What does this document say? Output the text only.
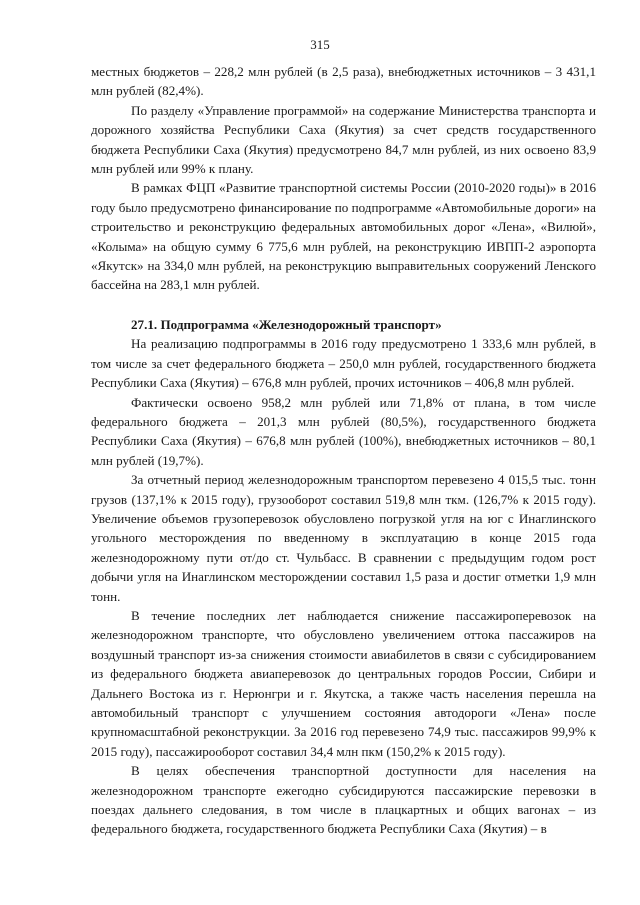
315

местных бюджетов – 228,2 млн рублей (в 2,5 раза), внебюджетных источников – 3 431,1 млн рублей (82,4%).

По разделу «Управление программой» на содержание Министерства транспорта и дорожного хозяйства Республики Саха (Якутия) за счет средств государственного бюджета Республики Саха (Якутия) предусмотрено 84,7 млн рублей, из них освоено 83,9 млн рублей или 99% к плану.

В рамках ФЦП «Развитие транспортной системы России (2010-2020 годы)» в 2016 году было предусмотрено финансирование по подпрограмме «Автомобильные дороги» на строительство и реконструкцию федеральных автомобильных дорог «Лена», «Вилюй», «Колыма» на общую сумму 6 775,6 млн рублей, на реконструкцию ИВПП-2 аэропорта «Якутск» на 334,0 млн рублей, на реконструкцию выправительных сооружений Ленского бассейна на 283,1 млн рублей.

27.1. Подпрограмма «Железнодорожный транспорт»

На реализацию подпрограммы в 2016 году предусмотрено 1 333,6 млн рублей, в том числе за счет федерального бюджета – 250,0 млн рублей, государственного бюджета Республики Саха (Якутия) – 676,8 млн рублей, прочих источников – 406,8 млн рублей.

Фактически освоено 958,2 млн рублей или 71,8% от плана, в том числе федерального бюджета – 201,3 млн рублей (80,5%), государственного бюджета Республики Саха (Якутия) – 676,8 млн рублей (100%), внебюджетных источников – 80,1 млн рублей (19,7%).

За отчетный период железнодорожным транспортом перевезено 4 015,5 тыс. тонн грузов (137,1% к 2015 году), грузооборот составил 519,8 млн ткм. (126,7% к 2015 году). Увеличение объемов грузоперевозок обусловлено погрузкой угля на юг с Инаглинского угольного месторождения по введенному в эксплуатацию в конце 2015 года железнодорожному пути от/до ст. Чульбасс. В сравнении с предыдущим годом рост добычи угля на Инаглинском месторождении составил 1,5 раза и достиг отметки 1,9 млн тонн.

В течение последних лет наблюдается снижение пассажироперевозок на железнодорожном транспорте, что обусловлено увеличением оттока пассажиров на воздушный транспорт из-за снижения стоимости авиабилетов в связи с субсидированием из федерального бюджета авиаперевозок до центральных городов России, Сибири и Дальнего Востока из г. Нерюнгри и г. Якутска, а также часть населения перешла на автомобильный транспорт с улучшением состояния автодороги «Лена» после крупномасштабной реконструкции. За 2016 год перевезено 74,9 тыс. пассажиров 99,9% к 2015 году), пассажирооборот составил 34,4 млн пкм (150,2% к 2015 году).

В целях обеспечения транспортной доступности для населения на железнодорожном транспорте ежегодно субсидируются пассажирские перевозки в поездах дальнего следования, в том числе в плацкартных и общих вагонах – из федерального бюджета, государственного бюджета Республики Саха (Якутия) – в
